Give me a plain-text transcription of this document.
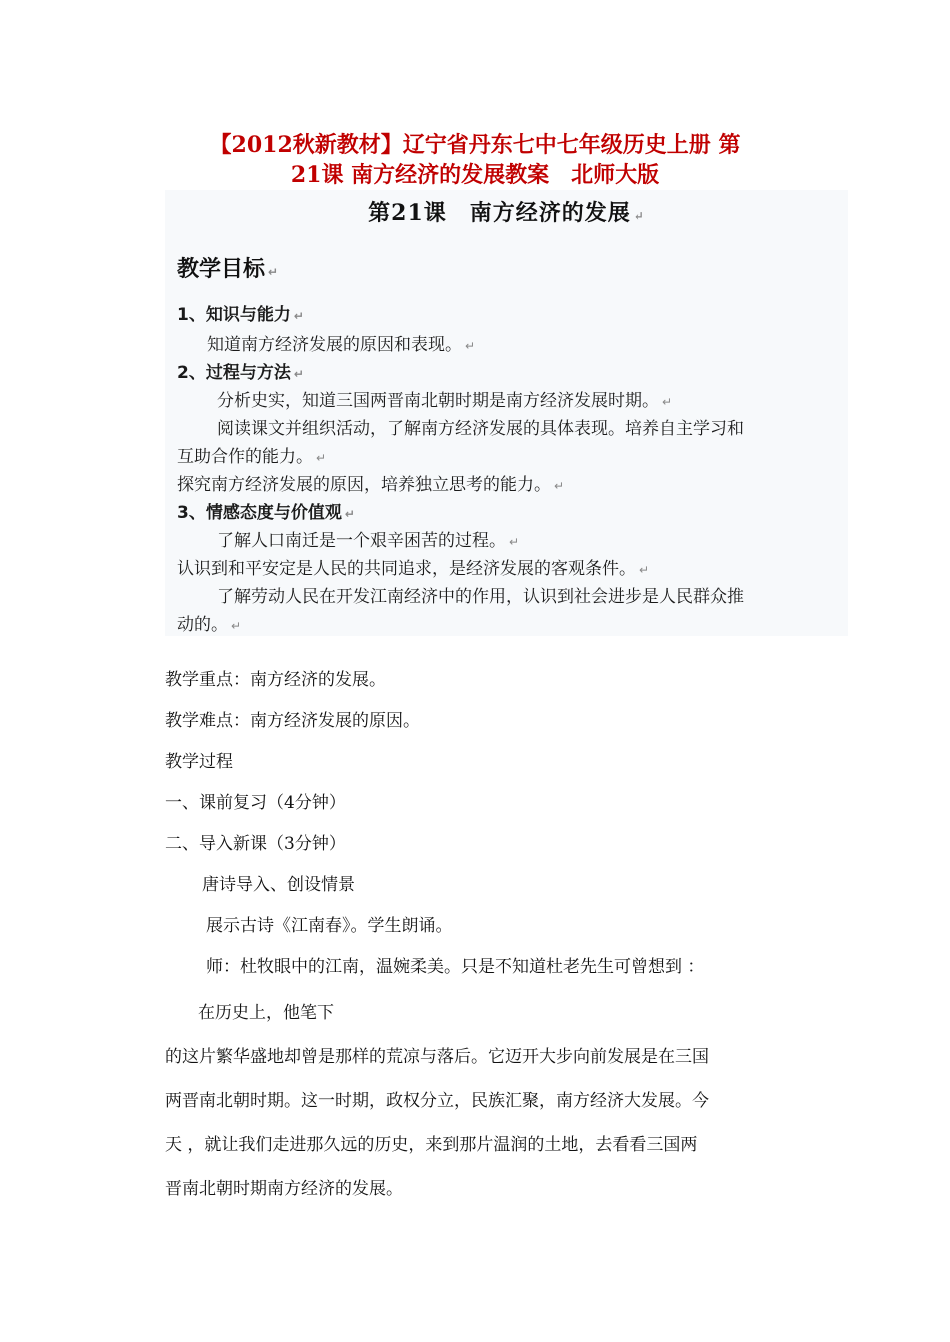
【2012秋新教材】辽宁省丹东七中七年级历史上册 第
21课 南方经济的发展教案　北师大版
第21课　南方经济的发展 ↵
教学目标 ↵
1、知识与能力 ↵
知道南方经济发展的原因和表现。 ↵
2、过程与方法 ↵
分析史实，知道三国两晋南北朝时期是南方经济发展时期。 ↵
阅读课文并组织活动，了解南方经济发展的具体表现。培养自主学习和
互助合作的能力。 ↵
探究南方经济发展的原因，培养独立思考的能力。 ↵
3、情感态度与价值观 ↵
了解人口南迁是一个艰辛困苦的过程。 ↵
认识到和平安定是人民的共同追求，是经济发展的客观条件。 ↵
了解劳动人民在开发江南经济中的作用，认识到社会进步是人民群众推
动的。 ↵
教学重点：南方经济的发展。
教学难点：南方经济发展的原因。
教学过程
一、课前复习（4分钟）
二、导入新课（3分钟）
唐诗导入、创设情景
展示古诗《江南春》。学生朗诵。
师：杜牧眼中的江南，温婉柔美。只是不知道杜老先生可曾想到 ：
在历史上，他笔下
的这片繁华盛地却曾是那样的荒凉与落后。它迈开大步向前发展是在三国
两晋南北朝时期。这一时期，政权分立，民族汇聚，南方经济大发展。今
天 ，就让我们走进那久远的历史，来到那片温润的土地，去看看三国两
晋南北朝时期南方经济的发展。
